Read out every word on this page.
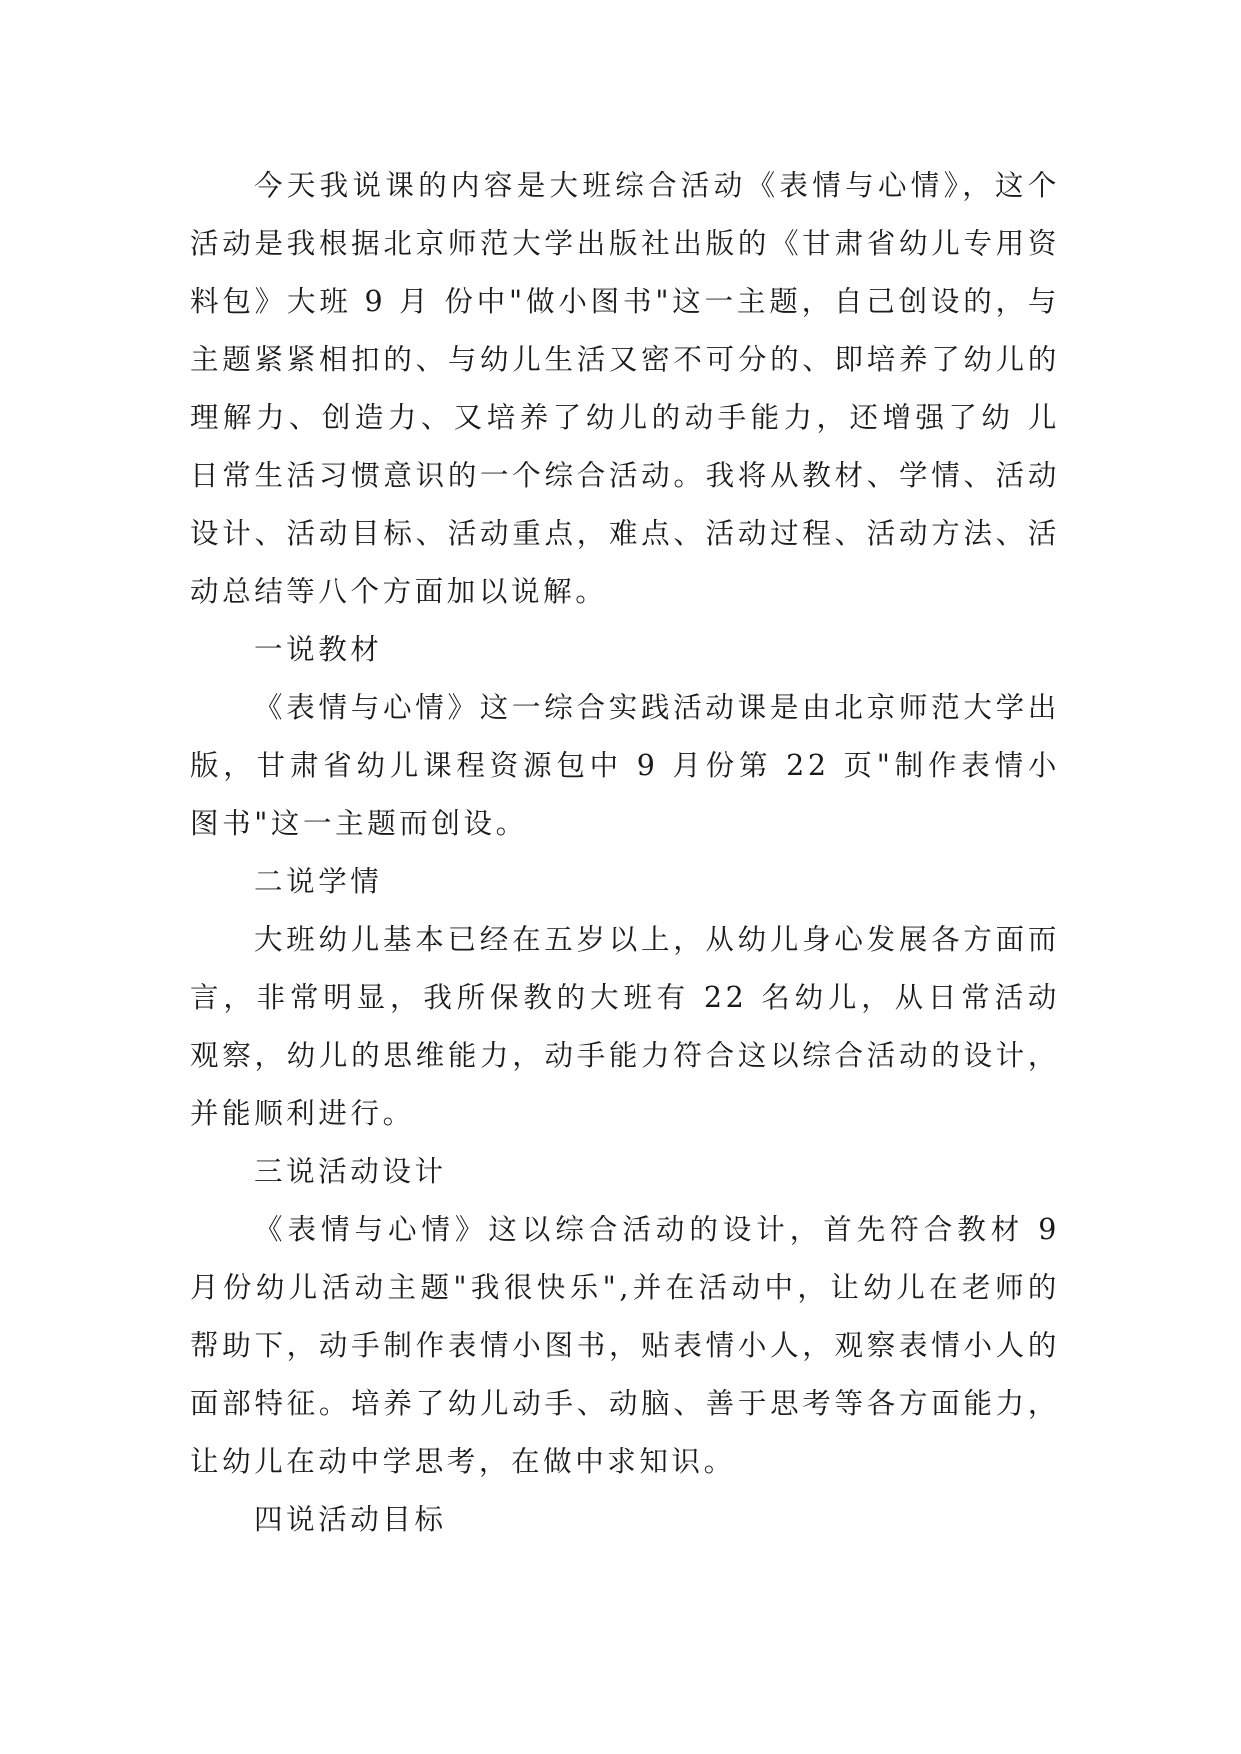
今天我说课的内容是大班综合活动《表情与心情》，这个活动是我根据北京师范大学出版社出版的《甘肃省幼儿专用资料包》大班 9 月 份中"做小图书"这一主题，自己创设的，与主题紧紧相扣的、与幼儿生活又密不可分的、即培养了幼儿的理解力、创造力、又培养了幼儿的动手能力，还增强了幼 儿日常生活习惯意识的一个综合活动。我将从教材、学情、活动设计、活动目标、活动重点，难点、活动过程、活动方法、活动总结等八个方面加以说解。

一说教材

《表情与心情》这一综合实践活动课是由北京师范大学出版，甘肃省幼儿课程资源包中 9 月份第 22 页"制作表情小图书"这一主题而创设。

二说学情

大班幼儿基本已经在五岁以上，从幼儿身心发展各方面而言，非常明显，我所保教的大班有 22 名幼儿，从日常活动观察，幼儿的思维能力，动手能力符合这以综合活动的设计，并能顺利进行。

三说活动设计

《表情与心情》这以综合活动的设计，首先符合教材 9 月份幼儿活动主题"我很快乐",并在活动中，让幼儿在老师的帮助下，动手制作表情小图书，贴表情小人，观察表情小人的面部特征。培养了幼儿动手、动脑、善于思考等各方面能力，让幼儿在动中学思考，在做中求知识。

四说活动目标
